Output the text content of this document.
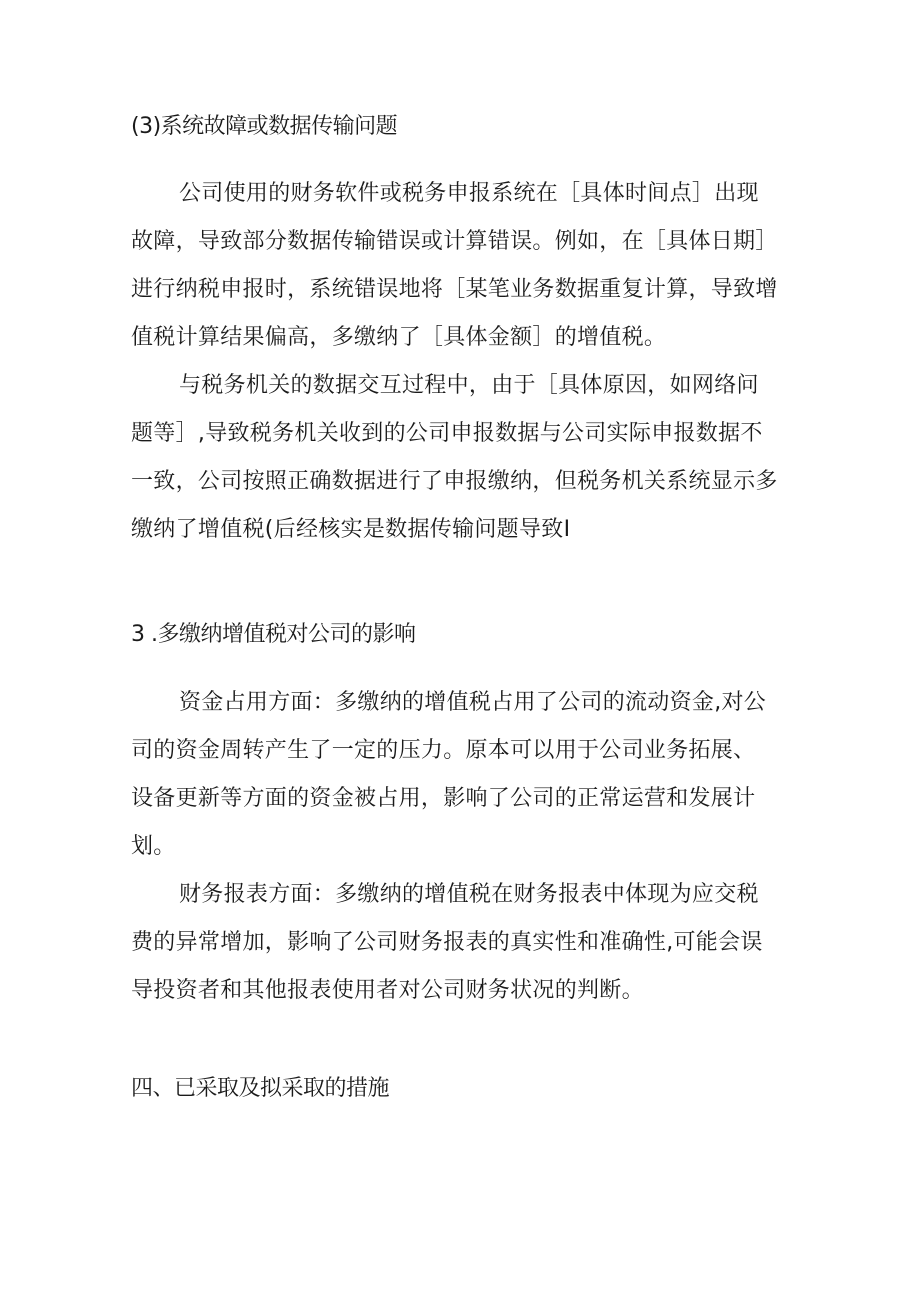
(3)系统故障或数据传输问题
公司使用的财务软件或税务申报系统在［具体时间点］出现
故障，导致部分数据传输错误或计算错误。例如，在［具体日期］
进行纳税申报时，系统错误地将［某笔业务数据重复计算，导致增
值税计算结果偏高，多缴纳了［具体金额］的增值税。
与税务机关的数据交互过程中，由于［具体原因，如网络问
题等］,导致税务机关收到的公司申报数据与公司实际申报数据不
一致，公司按照正确数据进行了申报缴纳，但税务机关系统显示多
缴纳了增值税(后经核实是数据传输问题导致I
3 .多缴纳增值税对公司的影响
资金占用方面：多缴纳的增值税占用了公司的流动资金,对公
司的资金周转产生了一定的压力。原本可以用于公司业务拓展、
设备更新等方面的资金被占用，影响了公司的正常运营和发展计
划。
财务报表方面：多缴纳的增值税在财务报表中体现为应交税
费的异常增加，影响了公司财务报表的真实性和准确性,可能会误
导投资者和其他报表使用者对公司财务状况的判断。
四、已采取及拟采取的措施
